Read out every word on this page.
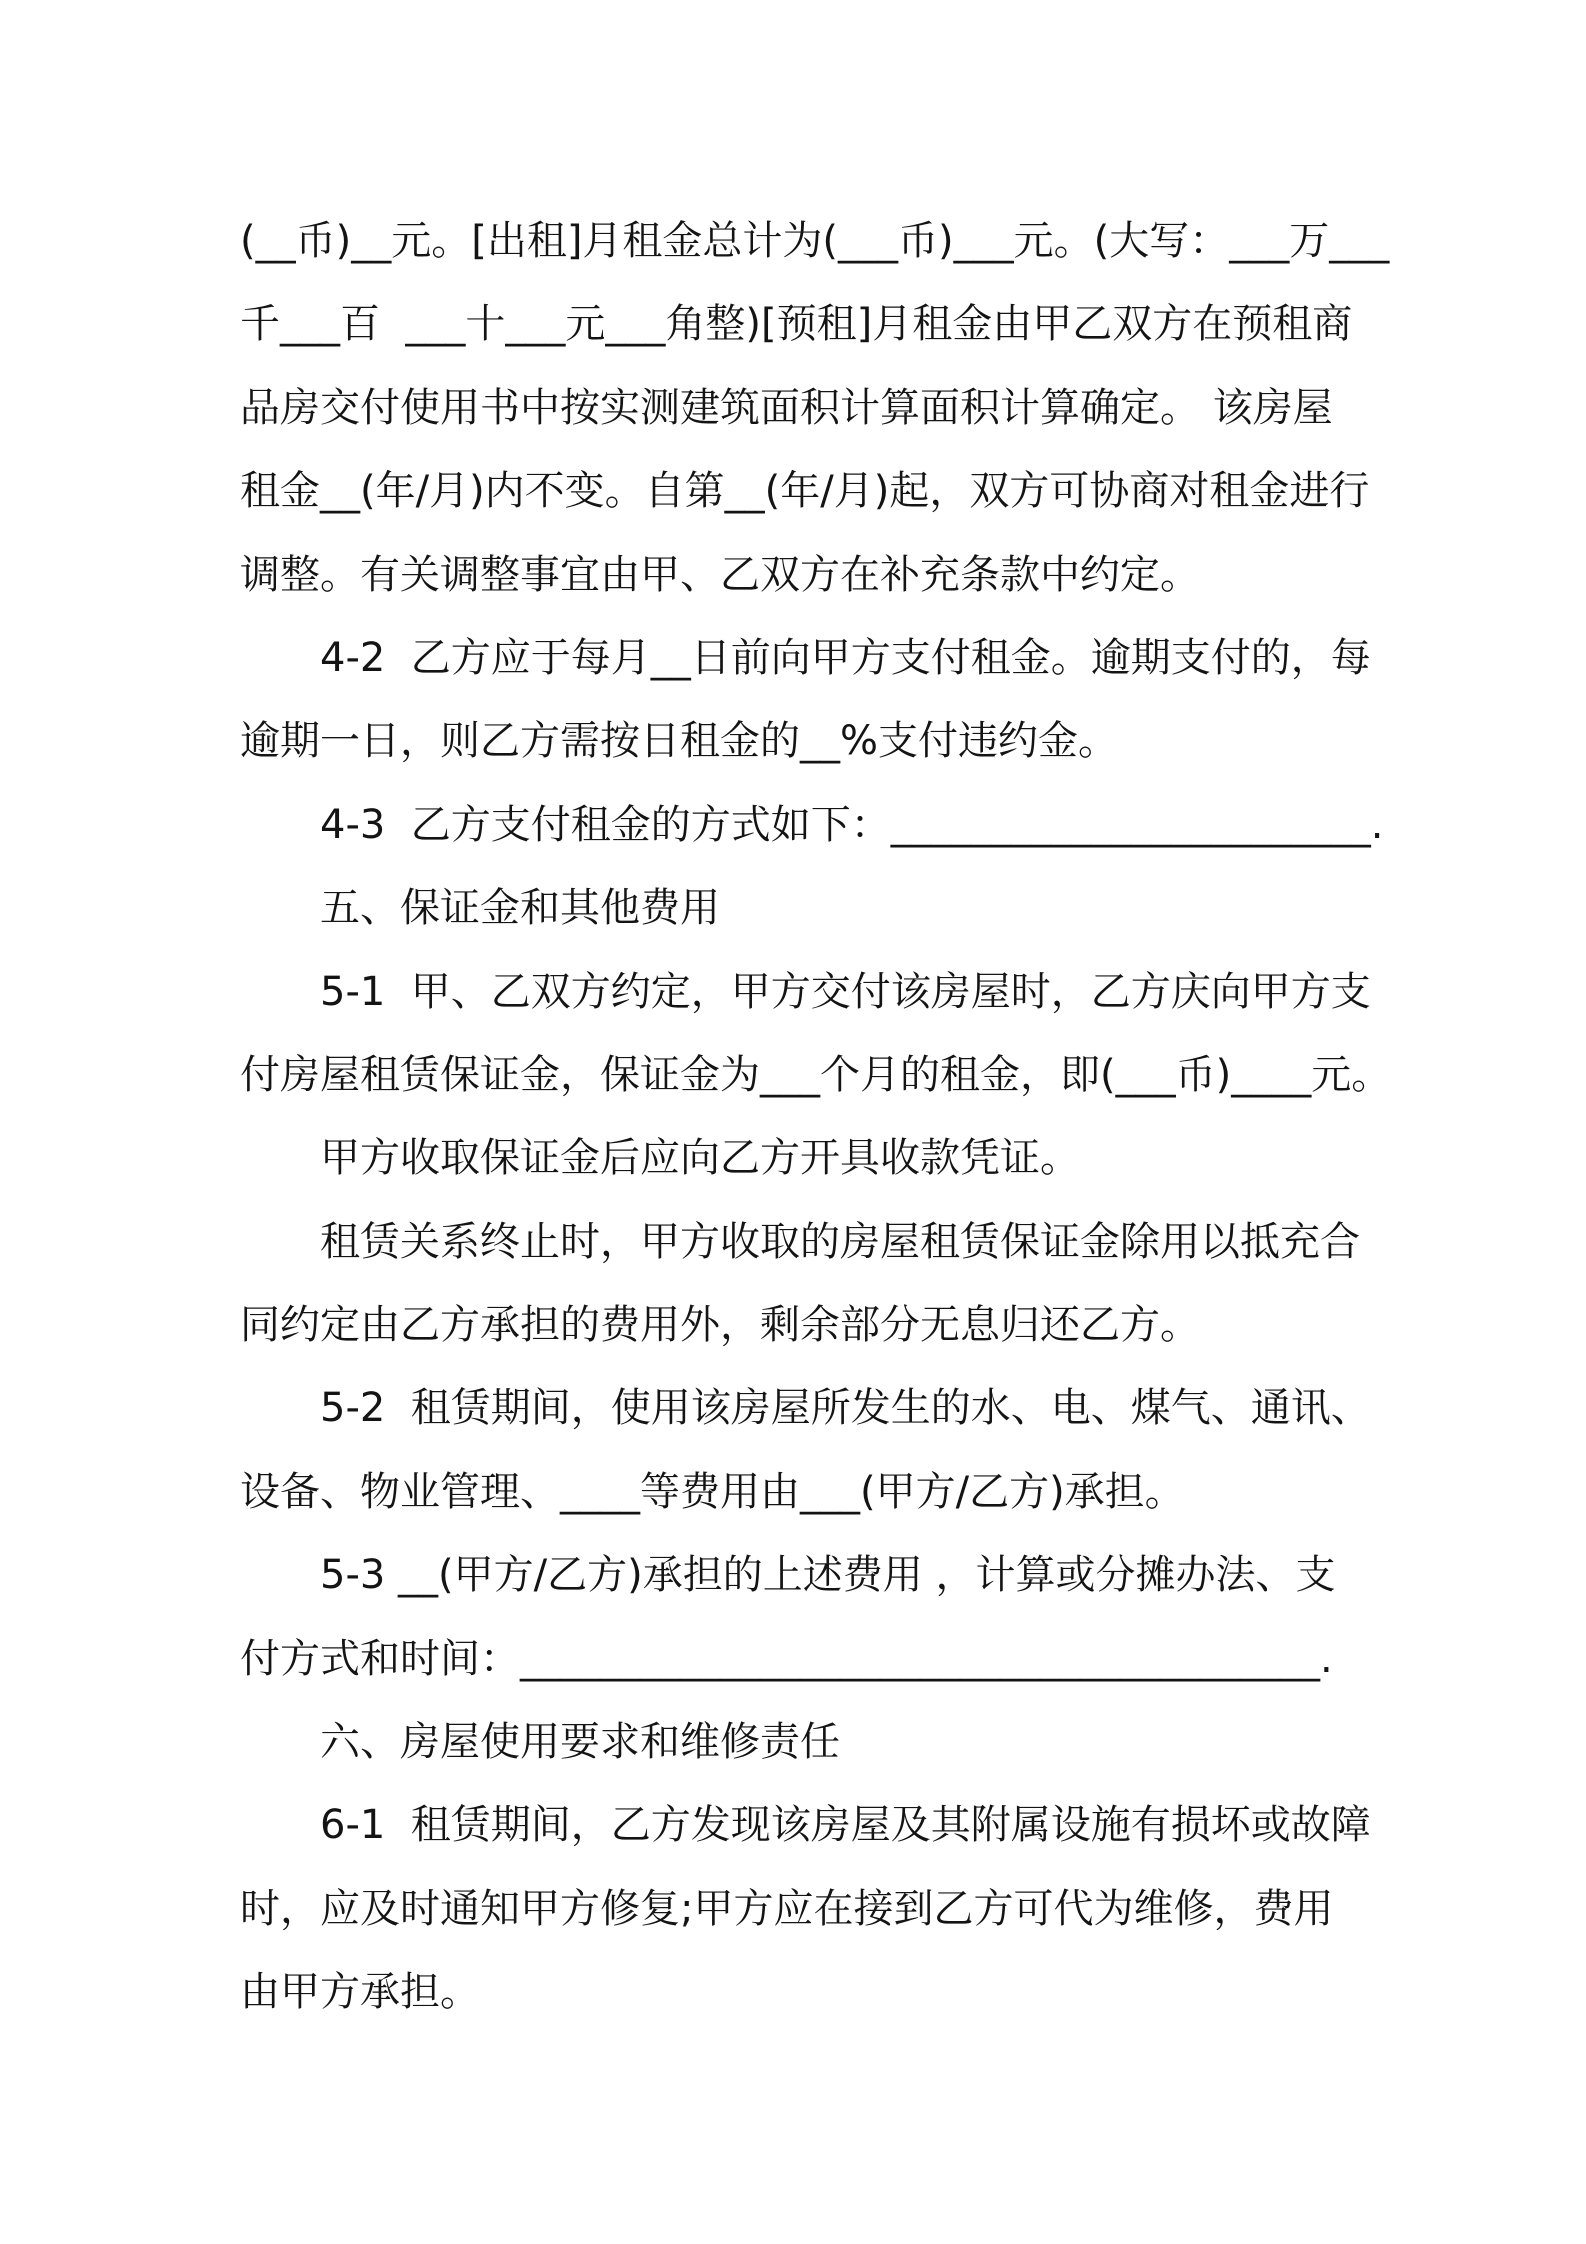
(__币)__元。[出租]月租金总计为(___币)___元。(大写：___万___
千___百  ___十___元___角整)[预租]月租金由甲乙双方在预租商
品房交付使用书中按实测建筑面积计算面积计算确定。 该房屋
租金__(年/月)内不变。自第__(年/月)起，双方可协商对租金进行
调整。有关调整事宜由甲、乙双方在补充条款中约定。
4-2  乙方应于每月__日前向甲方支付租金。逾期支付的，每
逾期一日，则乙方需按日租金的__%支付违约金。
4-3  乙方支付租金的方式如下：________________________.
五、保证金和其他费用
5-1  甲、乙双方约定，甲方交付该房屋时，乙方庆向甲方支
付房屋租赁保证金，保证金为___个月的租金，即(___币)____元。
甲方收取保证金后应向乙方开具收款凭证。
租赁关系终止时，甲方收取的房屋租赁保证金除用以抵充合
同约定由乙方承担的费用外，剩余部分无息归还乙方。
5-2  租赁期间，使用该房屋所发生的水、电、煤气、通讯、
设备、物业管理、____等费用由___(甲方/乙方)承担。
5-3 __(甲方/乙方)承担的上述费用 ，计算或分摊办法、支
付方式和时间：________________________________________.
六、房屋使用要求和维修责任
6-1  租赁期间，乙方发现该房屋及其附属设施有损坏或故障
时，应及时通知甲方修复;甲方应在接到乙方可代为维修，费用
由甲方承担。
